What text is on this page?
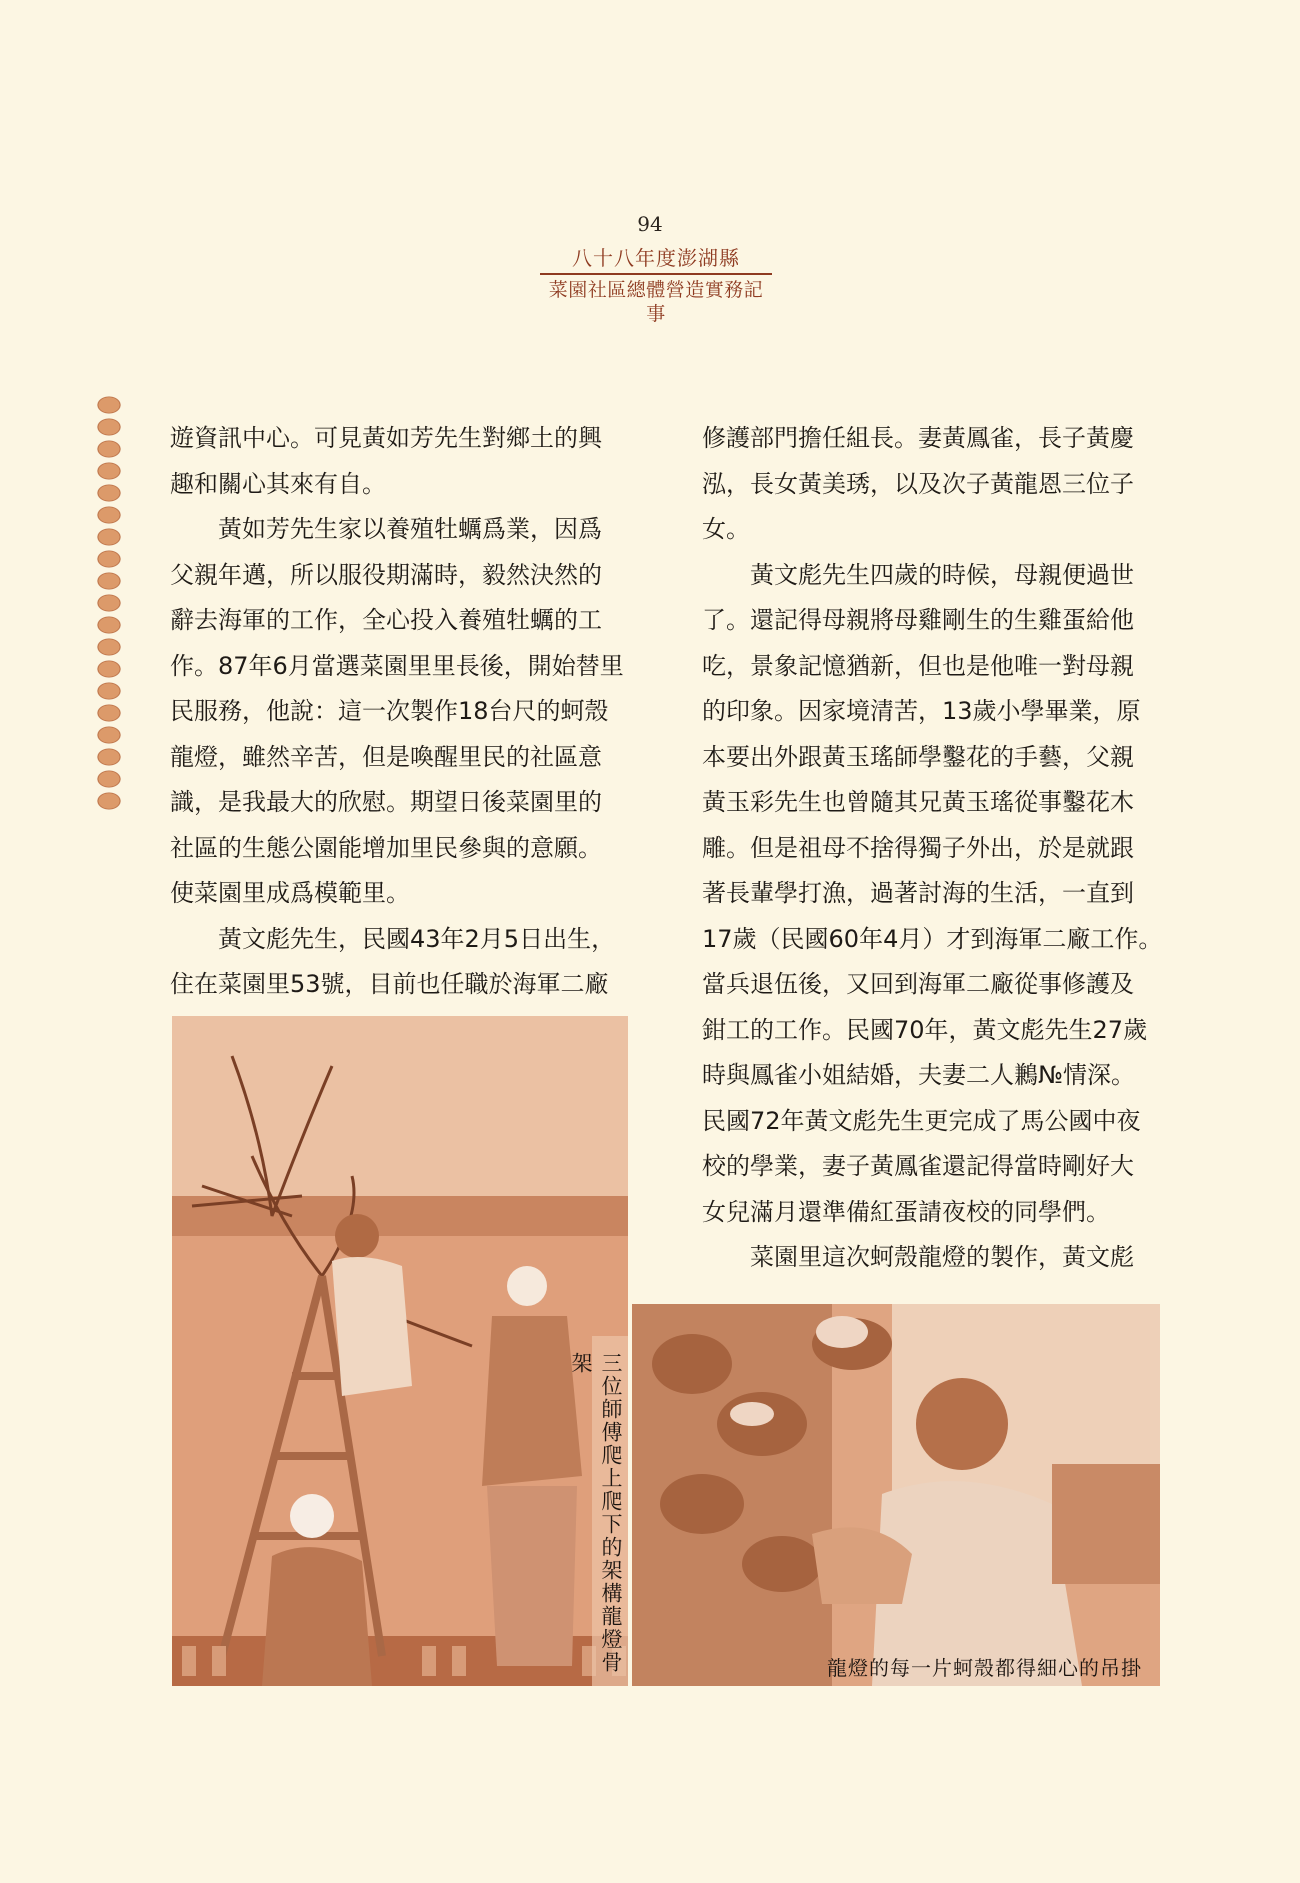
94
八十八年度澎湖縣
菜園社區總體營造實務記事
遊資訊中心。可見黃如芳先生對鄉土的興
趣和關心其來有自。
黃如芳先生家以養殖牡蠣爲業，因爲
父親年邁，所以服役期滿時，毅然決然的
辭去海軍的工作，全心投入養殖牡蠣的工
作。87年6月當選菜園里里長後，開始替里
民服務，他說：這一次製作18台尺的蚵殼
龍燈，雖然辛苦，但是喚醒里民的社區意
識，是我最大的欣慰。期望日後菜園里的
社區的生態公園能增加里民參與的意願。
使菜園里成爲模範里。
黃文彪先生，民國43年2月5日出生，
住在菜園里53號，目前也任職於海軍二廠
修護部門擔任組長。妻黃鳳雀，長子黃慶
泓，長女黃美琇，以及次子黃龍恩三位子
女。
黃文彪先生四歲的時候，母親便過世
了。還記得母親將母雞剛生的生雞蛋給他
吃，景象記憶猶新，但也是他唯一對母親
的印象。因家境清苦，13歲小學畢業，原
本要出外跟黃玉瑤師學鑿花的手藝，父親
黃玉彩先生也曾隨其兄黃玉瑤從事鑿花木
雕。但是祖母不捨得獨子外出，於是就跟
著長輩學打漁，過著討海的生活，一直到
17歲（民國60年4月）才到海軍二廠工作。
當兵退伍後，又回到海軍二廠從事修護及
鉗工的工作。民國70年，黃文彪先生27歲
時與鳳雀小姐結婚，夫妻二人鶼№情深。
民國72年黃文彪先生更完成了馬公國中夜
校的學業，妻子黃鳳雀還記得當時剛好大
女兒滿月還準備紅蛋請夜校的同學們。
菜園里這次蚵殼龍燈的製作，黃文彪
三位師傅爬上爬下的架構龍燈骨架
龍燈的每一片蚵殼都得細心的吊掛
